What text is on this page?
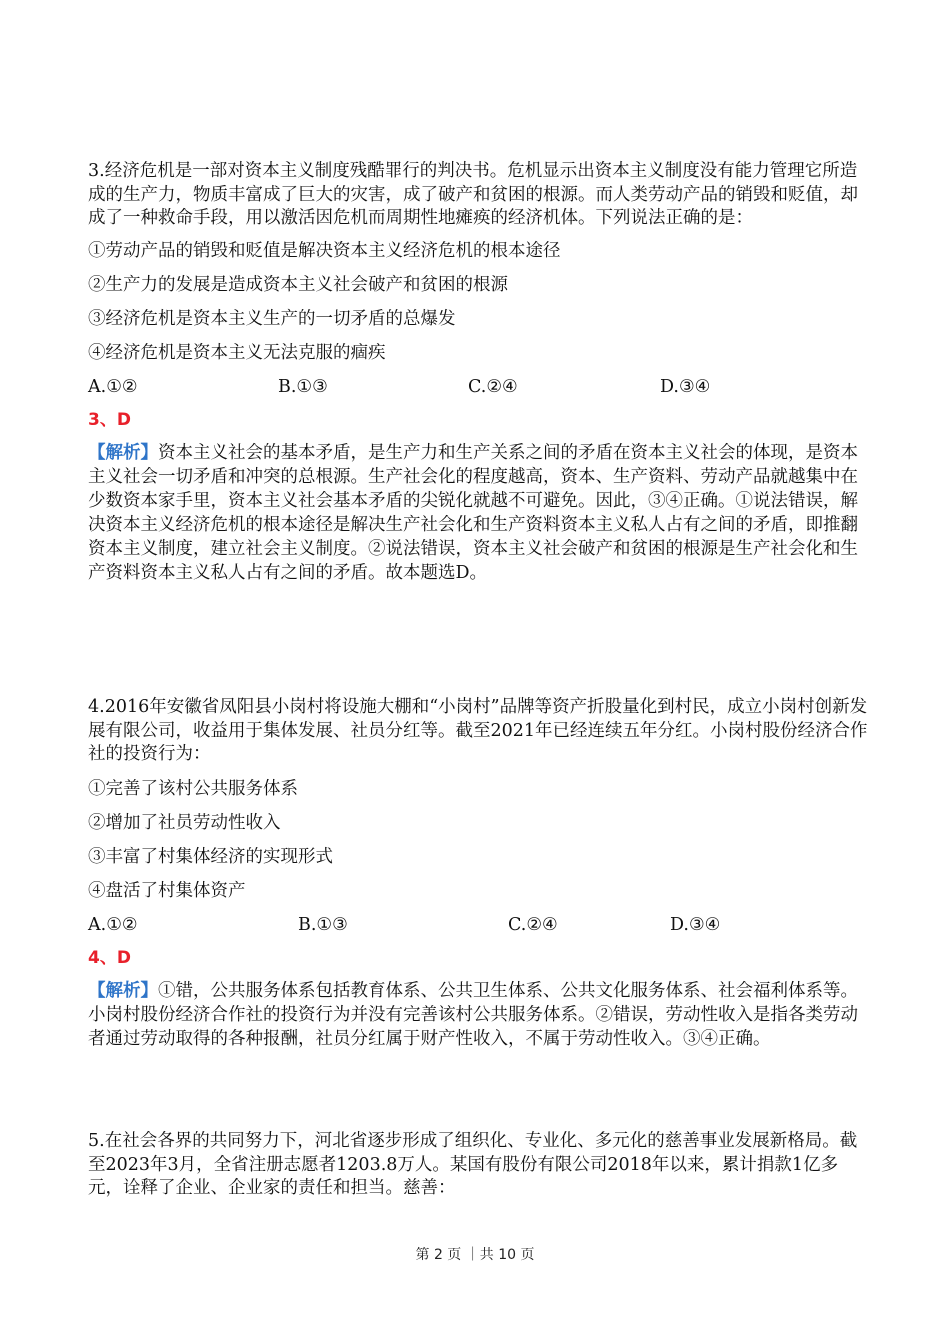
3.经济危机是一部对资本主义制度残酷罪行的判决书。危机显示出资本主义制度没有能力管理它所造成的生产力，物质丰富成了巨大的灾害，成了破产和贫困的根源。而人类劳动产品的销毁和贬值，却成了一种救命手段，用以激活因危机而周期性地瘫痪的经济机体。下列说法正确的是：

①劳动产品的销毁和贬值是解决资本主义经济危机的根本途径

②生产力的发展是造成资本主义社会破产和贫困的根源

③经济危机是资本主义生产的一切矛盾的总爆发

④经济危机是资本主义无法克服的痼疾

A.①②	B.①③	C.②④	D.③④

3、D

【解析】资本主义社会的基本矛盾，是生产力和生产关系之间的矛盾在资本主义社会的体现，是资本主义社会一切矛盾和冲突的总根源。生产社会化的程度越高，资本、生产资料、劳动产品就越集中在少数资本家手里，资本主义社会基本矛盾的尖锐化就越不可避免。因此，③④正确。①说法错误，解决资本主义经济危机的根本途径是解决生产社会化和生产资料资本主义私人占有之间的矛盾，即推翻资本主义制度，建立社会主义制度。②说法错误，资本主义社会破产和贫困的根源是生产社会化和生产资料资本主义私人占有之间的矛盾。故本题选D。

4.2016年安徽省凤阳县小岗村将设施大棚和“小岗村”品牌等资产折股量化到村民，成立小岗村创新发展有限公司，收益用于集体发展、社员分红等。截至2021年已经连续五年分红。小岗村股份经济合作社的投资行为：

①完善了该村公共服务体系

②增加了社员劳动性收入

③丰富了村集体经济的实现形式

④盘活了村集体资产

A.①②	B.①③	C.②④	D.③④

4、D

【解析】①错，公共服务体系包括教育体系、公共卫生体系、公共文化服务体系、社会福利体系等。小岗村股份经济合作社的投资行为并没有完善该村公共服务体系。②错误，劳动性收入是指各类劳动者通过劳动取得的各种报酬，社员分红属于财产性收入，不属于劳动性收入。③④正确。

5.在社会各界的共同努力下，河北省逐步形成了组织化、专业化、多元化的慈善事业发展新格局。截至2023年3月，全省注册志愿者1203.8万人。某国有股份有限公司2018年以来，累计捐款1亿多元，诠释了企业、企业家的责任和担当。慈善：

第 2 页 ｜共 10 页
